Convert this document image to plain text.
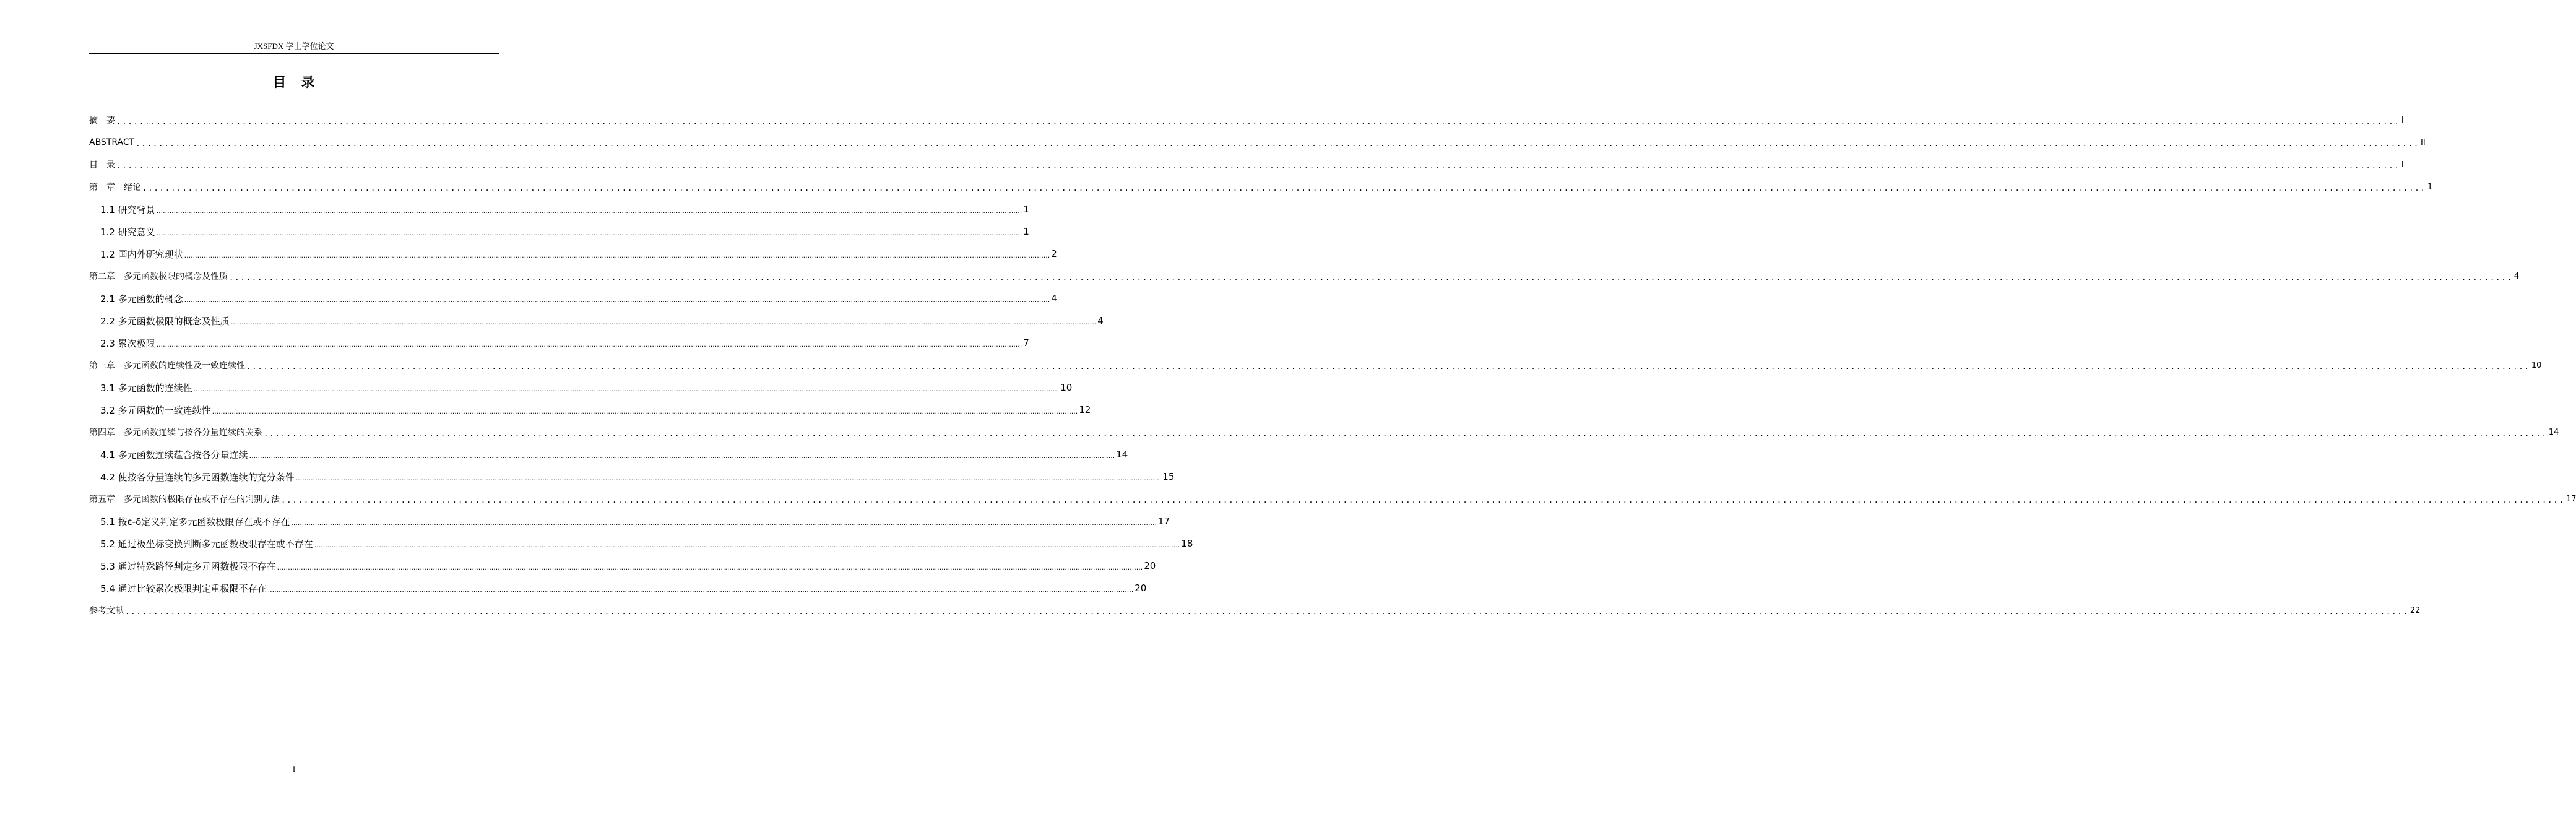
JXSFDX 学士学位论文
目　录
摘　要 ................................................................................................................................................................................................................................................................................................................................................................................................................ I
ABSTRACT ................................................................................................................................................................................................................................................................................................................................................................................................................ II
目　录 ................................................................................................................................................................................................................................................................................................................................................................................................................ I
第一章　绪论 ................................................................................................................................................................................................................................................................................................................................................................................................................ 1
1.1 研究背景 ................................................................................................................................................................................................................................................................................................................................................................................................................ 1
1.2 研究意义 ................................................................................................................................................................................................................................................................................................................................................................................................................ 1
1.2 国内外研究现状 ................................................................................................................................................................................................................................................................................................................................................................................................................ 2
第二章　多元函数极限的概念及性质 ................................................................................................................................................................................................................................................................................................................................................................................................................ 4
2.1 多元函数的概念 ................................................................................................................................................................................................................................................................................................................................................................................................................ 4
2.2 多元函数极限的概念及性质 ................................................................................................................................................................................................................................................................................................................................................................................................................ 4
2.3 累次极限 ................................................................................................................................................................................................................................................................................................................................................................................................................ 7
第三章　多元函数的连续性及一致连续性 ................................................................................................................................................................................................................................................................................................................................................................................................................ 10
3.1 多元函数的连续性 ................................................................................................................................................................................................................................................................................................................................................................................................................ 10
3.2 多元函数的一致连续性 ................................................................................................................................................................................................................................................................................................................................................................................................................ 12
第四章　多元函数连续与按各分量连续的关系 ................................................................................................................................................................................................................................................................................................................................................................................................................ 14
4.1 多元函数连续蕴含按各分量连续 ................................................................................................................................................................................................................................................................................................................................................................................................................ 14
4.2 使按各分量连续的多元函数连续的充分条件 ................................................................................................................................................................................................................................................................................................................................................................................................................ 15
第五章　多元函数的极限存在或不存在的判别方法 ................................................................................................................................................................................................................................................................................................................................................................................................................ 17
5.1 按ε-δ定义判定多元函数极限存在或不存在 ................................................................................................................................................................................................................................................................................................................................................................................................................ 17
5.2 通过极坐标变换判断多元函数极限存在或不存在 ................................................................................................................................................................................................................................................................................................................................................................................................................ 18
5.3 通过特殊路径判定多元函数极限不存在 ................................................................................................................................................................................................................................................................................................................................................................................................................ 20
5.4 通过比较累次极限判定重极限不存在 ................................................................................................................................................................................................................................................................................................................................................................................................................ 20
参考文献 ................................................................................................................................................................................................................................................................................................................................................................................................................ 22
I
